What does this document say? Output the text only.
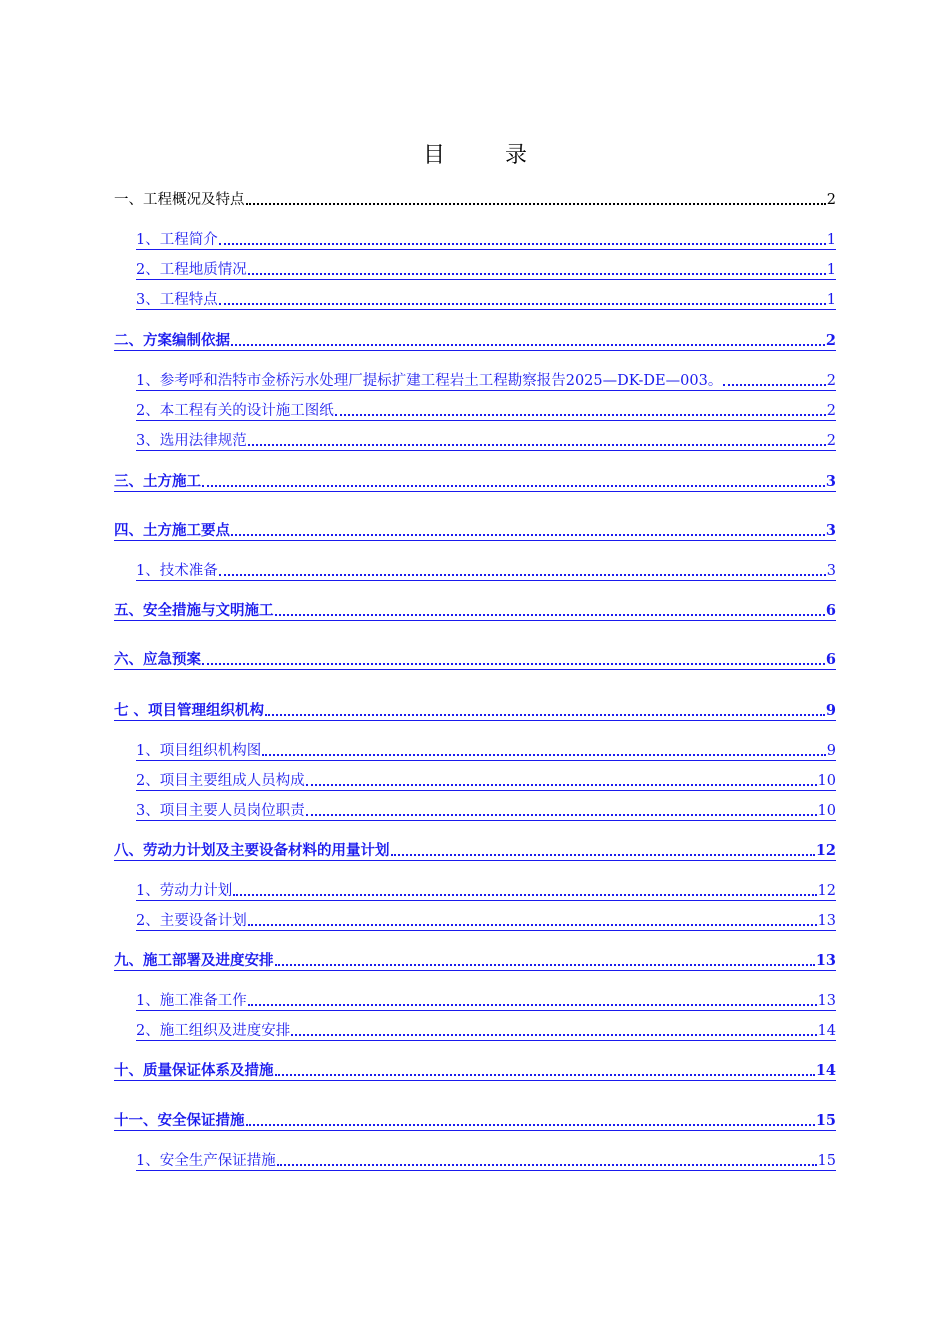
目	录
一、工程概况及特点	2
1、工程简介	1
2、工程地质情况	1
3、工程特点	1
二、方案编制依据	2
1、参考呼和浩特市金桥污水处理厂提标扩建工程岩土工程勘察报告2025—DK-DE—003。	2
2、本工程有关的设计施工图纸	2
3、选用法律规范	2
三、土方施工	3
四、土方施工要点	3
1、技术准备	3
五、安全措施与文明施工	6
六、应急预案	6
七 、项目管理组织机构	9
1、项目组织机构图	9
2、项目主要组成人员构成	10
3、项目主要人员岗位职责	10
八、劳动力计划及主要设备材料的用量计划	12
1、劳动力计划	12
2、主要设备计划	13
九、施工部署及进度安排	13
1、施工准备工作	13
2、施工组织及进度安排	14
十、质量保证体系及措施	14
十一、安全保证措施	15
1、安全生产保证措施	15
